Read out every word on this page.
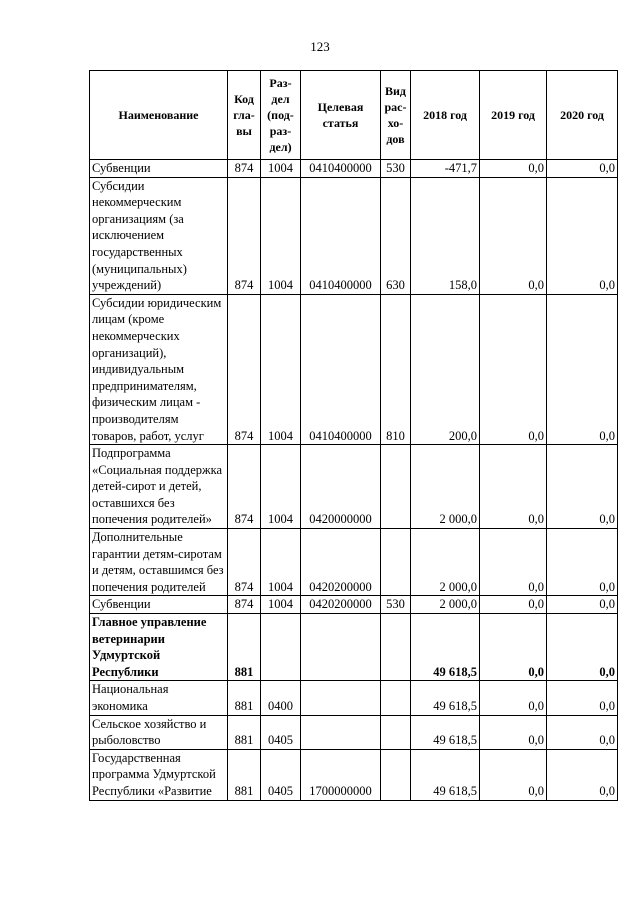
123
Наименование	Код гла-вы	Раз-дел (под-раз-дел)	Целевая статья	Вид рас-хо-дов	2018 год	2019 год	2020 год
Субвенции	874	1004	0410400000	530	-471,7	0,0	0,0
Субсидии некоммерческим организациям (за исключением государственных (муниципальных) учреждений)	874	1004	0410400000	630	158,0	0,0	0,0
Субсидии юридическим лицам (кроме некоммерческих организаций), индивидуальным предпринимателям, физическим лицам - производителям товаров, работ, услуг	874	1004	0410400000	810	200,0	0,0	0,0
Подпрограмма «Социальная поддержка детей-сирот и детей, оставшихся без попечения родителей»	874	1004	0420000000		2 000,0	0,0	0,0
Дополнительные гарантии детям-сиротам и детям, оставшимся без попечения родителей	874	1004	0420200000		2 000,0	0,0	0,0
Субвенции	874	1004	0420200000	530	2 000,0	0,0	0,0
Главное управление ветеринарии Удмуртской Республики	881				49 618,5	0,0	0,0
Национальная экономика	881	0400			49 618,5	0,0	0,0
Сельское хозяйство и рыболовство	881	0405			49 618,5	0,0	0,0
Государственная программа Удмуртской Республики «Развитие	881	0405	1700000000		49 618,5	0,0	0,0
